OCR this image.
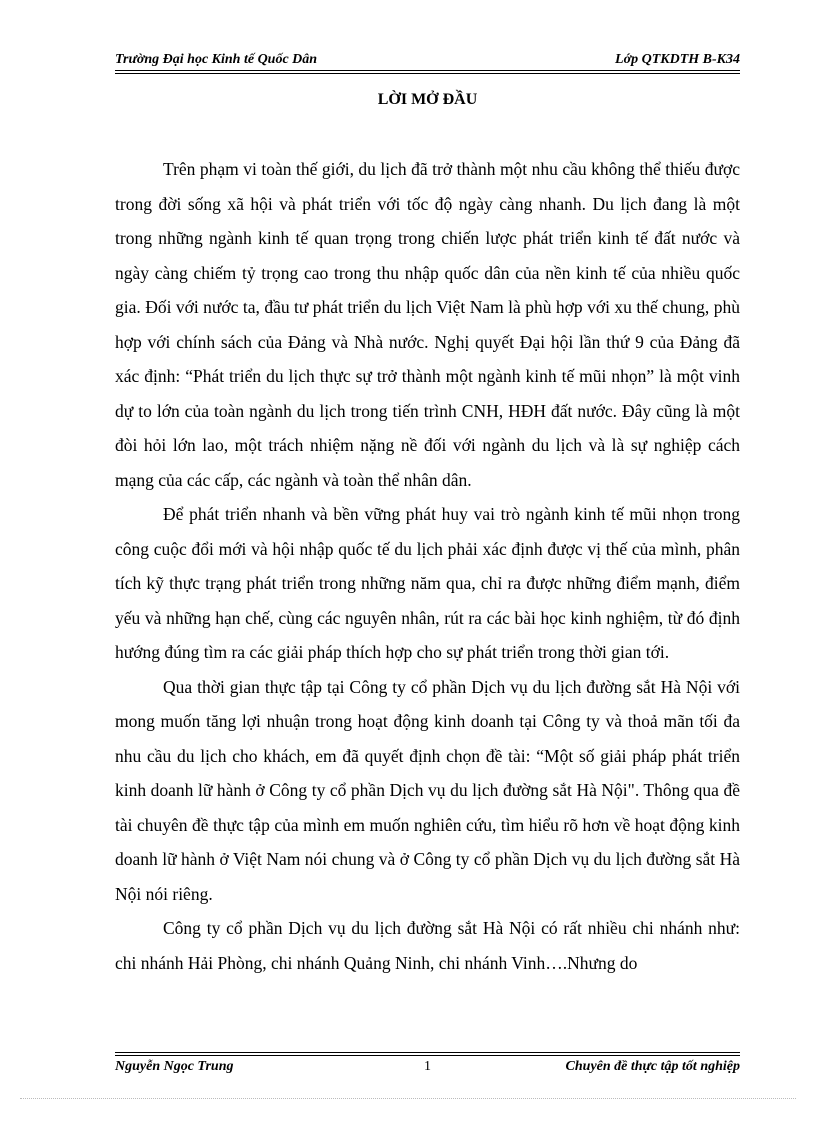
Trường Đại học Kinh tế Quốc Dân	Lớp QTKDTH B-K34
LỜI MỞ ĐẦU

Trên phạm vi toàn thế giới, du lịch đã trở thành một nhu cầu không thể thiếu được trong đời sống xã hội và phát triển với tốc độ ngày càng nhanh. Du lịch đang là một trong những ngành kinh tế quan trọng trong chiến lược phát triển kinh tế đất nước và ngày càng chiếm tỷ trọng cao trong thu nhập quốc dân của nền kinh tế của nhiều quốc gia. Đối với nước ta, đầu tư phát triển du lịch Việt Nam là phù hợp với xu thế chung, phù hợp với chính sách của Đảng và Nhà nước. Nghị quyết Đại hội lần thứ 9 của Đảng đã xác định: “Phát triển du lịch thực sự trở thành một ngành kinh tế mũi nhọn” là một vinh dự to lớn của toàn ngành du lịch trong tiến trình CNH, HĐH đất nước. Đây cũng là một đòi hỏi lớn lao, một trách nhiệm nặng nề đối với ngành du lịch và là sự nghiệp cách mạng của các cấp, các ngành và toàn thể nhân dân.

Để phát triển nhanh và bền vững phát huy vai trò ngành kinh tế mũi nhọn trong công cuộc đổi mới và hội nhập quốc tế du lịch phải xác định được vị thế của mình, phân tích kỹ thực trạng phát triển trong những năm qua, chỉ ra được những điểm mạnh, điểm yếu và những hạn chế, cùng các nguyên nhân, rút ra các bài học kinh nghiệm, từ đó định hướng đúng tìm ra các giải pháp thích hợp cho sự phát triển trong thời gian tới.

Qua thời gian thực tập tại Công ty cổ phần Dịch vụ du lịch đường sắt Hà Nội với mong muốn tăng lợi nhuận trong hoạt động kinh doanh tại Công ty và thoả mãn tối đa nhu cầu du lịch cho khách, em đã quyết định chọn đề tài: “Một số giải pháp phát triển kinh doanh lữ hành ở Công ty cổ phần Dịch vụ du lịch đường sắt Hà Nội". Thông qua đề tài chuyên đề thực tập của mình em muốn nghiên cứu, tìm hiểu rõ hơn về hoạt động kinh doanh lữ hành ở Việt Nam nói chung và ở Công ty cổ phần Dịch vụ du lịch đường sắt Hà Nội nói riêng.

Công ty cổ phần Dịch vụ du lịch đường sắt Hà Nội có rất nhiều chi nhánh như: chi nhánh Hải Phòng, chi nhánh Quảng Ninh, chi nhánh Vinh….Nhưng do

Nguyễn Ngọc Trung	1	Chuyên đề thực tập tốt nghiệp
